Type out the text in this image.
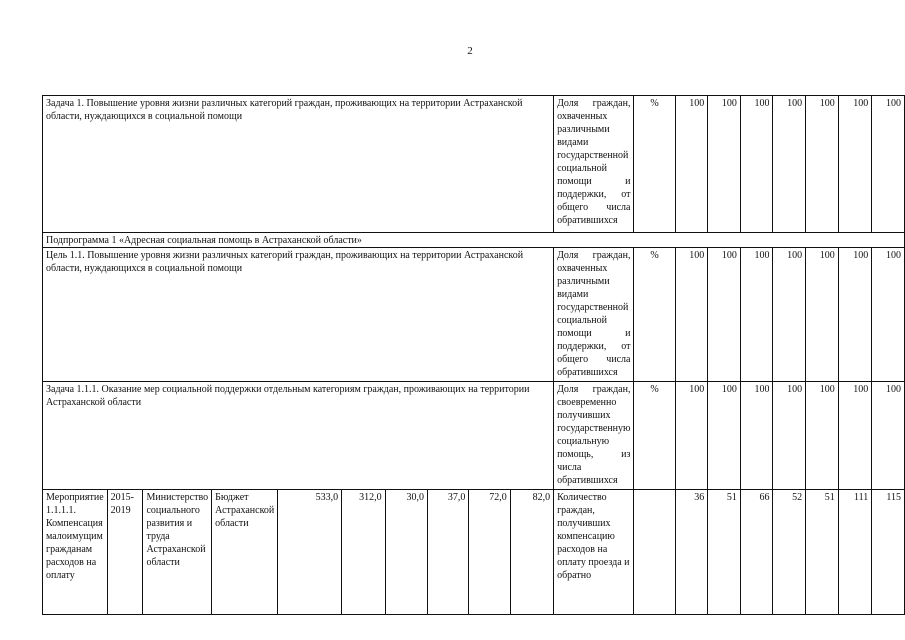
2
Задача 1. Повышение уровня жизни различных категорий граждан, проживающих на территории Астраханской области, нуждающихся в социальной помощи										Доля граждан, охваченных различными видами государственной социальной помощи и поддержки, от общего числа обратившихся	%	100	100	100	100	100	100	100
Подпрограмма 1 «Адресная социальная помощь в Астраханской области»																		
Цель 1.1. Повышение уровня жизни различных категорий граждан, проживающих на территории Астраханской области, нуждающихся в социальной помощи										Доля граждан, охваченных различными видами государственной социальной помощи и поддержки, от общего числа обратившихся	%	100	100	100	100	100	100	100
Задача 1.1.1. Оказание мер социальной поддержки отдельным категориям граждан, проживающих на территории Астраханской области										Доля граждан, своевременно получивших государственную социальную помощь, из числа обратившихся	%	100	100	100	100	100	100	100
Мероприятие 1.1.1.1. Компенсация малоимущим гражданам расходов на оплату	2015-2019	Министерство социального развития и труда Астраханской области	Бюджет Астраханской области	533,0	312,0	30,0	37,0	72,0	82,0	Количество граждан, получивших компенсацию расходов на оплату проезда и обратно		36	51	66	52	51	111	115
